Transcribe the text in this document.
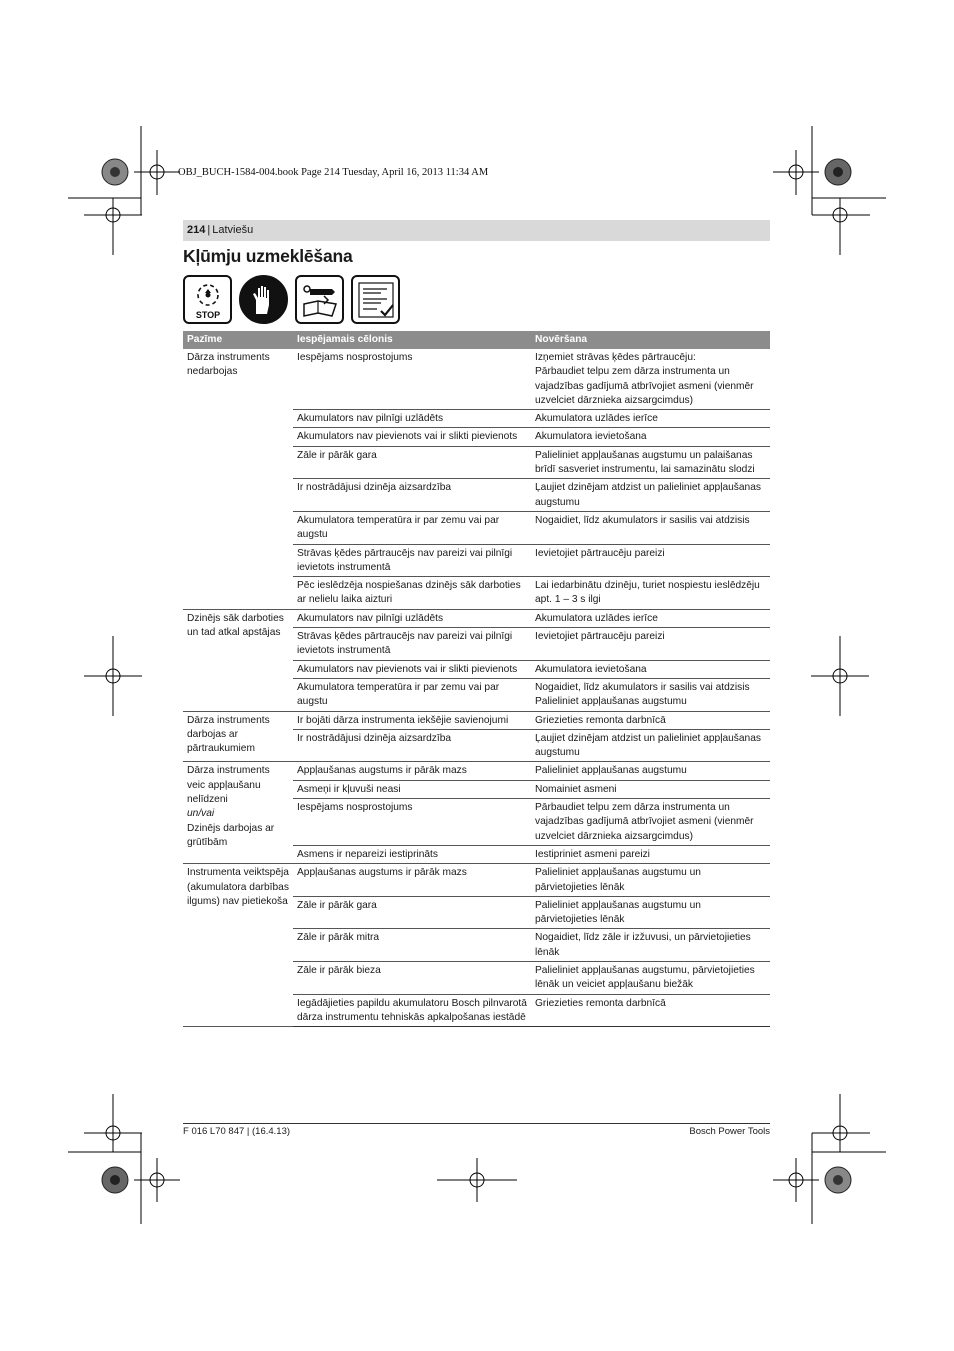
OBJ_BUCH-1584-004.book Page 214 Tuesday, April 16, 2013 11:34 AM
214 | Latviešu
Kļūmju uzmeklēšana
STOP
Pazīme	Iespējamais cēlonis	Novēršana

Dārza instruments nedarbojas	Iespējams nosprostojums	Izņemiet strāvas ķēdes pārtraucēju:
Pārbaudiet telpu zem dārza instrumenta un vajadzības gadījumā atbrīvojiet asmeni (vienmēr uzvelciet dārznieka aizsargcimdus)

	Akumulators nav pilnīgi uzlādēts	Akumulatora uzlādes ierīce

	Akumulators nav pievienots vai ir slikti pievienots	Akumulatora ievietošana

	Zāle ir pārāk gara	Palieliniet appļaušanas augstumu un palaišanas brīdī sasveriet instrumentu, lai samazinātu slodzi

	Ir nostrādājusi dzinēja aizsardzība	Ļaujiet dzinējam atdzist un palieliniet appļaušanas augstumu

	Akumulatora temperatūra ir par zemu vai par augstu	Nogaidiet, līdz akumulators ir sasilis vai atdzisis

	Strāvas ķēdes pārtraucējs nav pareizi vai pilnīgi ievietots instrumentā	Ievietojiet pārtraucēju pareizi

	Pēc ieslēdzēja nospiešanas dzinējs sāk darboties ar nelielu laika aizturi	Lai iedarbinātu dzinēju, turiet nospiestu ieslēdzēju apt. 1 – 3 s ilgi

Dzinējs sāk darboties un tad atkal apstājas	Akumulators nav pilnīgi uzlādēts	Akumulatora uzlādes ierīce

	Strāvas ķēdes pārtraucējs nav pareizi vai pilnīgi ievietots instrumentā	Ievietojiet pārtraucēju pareizi

	Akumulators nav pievienots vai ir slikti pievienots	Akumulatora ievietošana

	Akumulatora temperatūra ir par zemu vai par augstu	Nogaidiet, līdz akumulators ir sasilis vai atdzisis
Palieliniet appļaušanas augstumu

Dārza instruments darbojas ar pārtraukumiem	Ir bojāti dārza instrumenta iekšējie savienojumi	Griezieties remonta darbnīcā

	Ir nostrādājusi dzinēja aizsardzība	Ļaujiet dzinējam atdzist un palieliniet appļaušanas augstumu

Dārza instruments veic appļaušanu nelīdzeni
un/vai
Dzinējs darbojas ar grūtībām	Appļaušanas augstums ir pārāk mazs	Palieliniet appļaušanas augstumu

	Asmeņi ir kļuvuši neasi	Nomainiet asmeni

	Iespējams nosprostojums	Pārbaudiet telpu zem dārza instrumenta un vajadzības gadījumā atbrīvojiet asmeni (vienmēr uzvelciet dārznieka aizsargcimdus)

	Asmens ir nepareizi iestiprināts	Iestipriniet asmeni pareizi

Instrumenta veiktspēja (akumulatora darbības ilgums) nav pietiekoša	Appļaušanas augstums ir pārāk mazs	Palieliniet appļaušanas augstumu un pārvietojieties lēnāk

	Zāle ir pārāk gara	Palieliniet appļaušanas augstumu un pārvietojieties lēnāk

	Zāle ir pārāk mitra	Nogaidiet, līdz zāle ir izžuvusi, un pārvietojieties lēnāk

	Zāle ir pārāk bieza	Palieliniet appļaušanas augstumu, pārvietojieties lēnāk un veiciet appļaušanu biežāk

	Iegādājieties papildu akumulatoru Bosch pilnvarotā dārza instrumentu tehniskās apkalpošanas iestādē	Griezieties remonta darbnīcā
F 016 L70 847 | (16.4.13)	Bosch Power Tools
